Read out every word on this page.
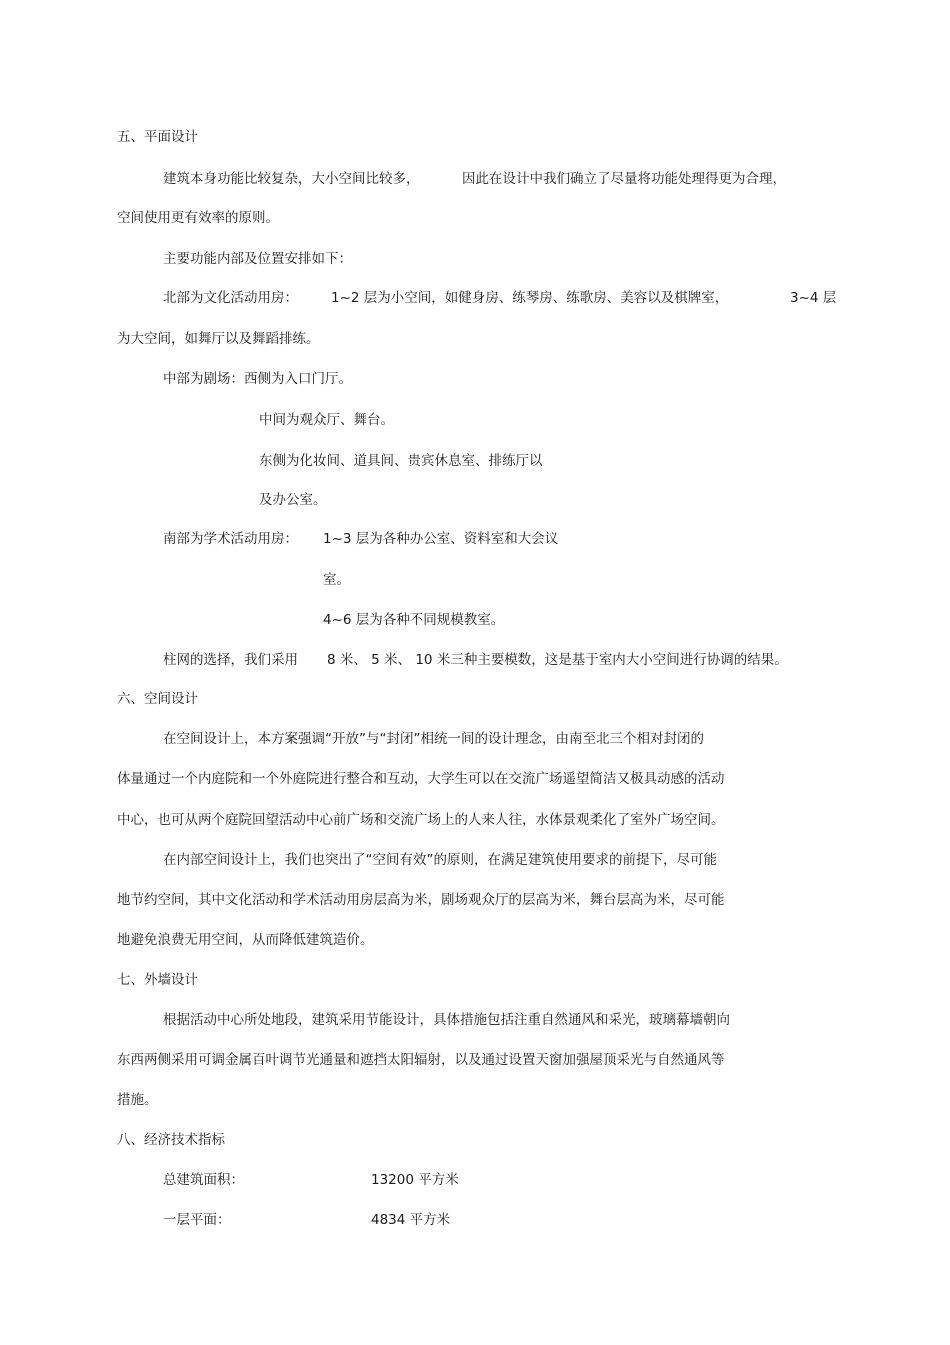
五、平面设计
建筑本身功能比较复杂，大小空间比较多，	因此在设计中我们确立了尽量将功能处理得更为合理，
空间使用更有效率的原则。
主要功能内部及位置安排如下：
北部为文化活动用房： 1~2 层为小空间，如健身房、练琴房、练歌房、美容以及棋牌室，	3~4 层
为大空间，如舞厅以及舞蹈排练。
中部为剧场：西侧为入口门厅。
中间为观众厅、舞台。
东侧为化妆间、道具间、贵宾休息室、排练厅以
及办公室。
南部为学术活动用房： 1~3 层为各种办公室、资料室和大会议
室。
4~6 层为各种不同规模教室。
柱网的选择，我们采用 8 米、 5 米、 10 米三种主要模数，这是基于室内大小空间进行协调的结果。
六、空间设计
在空间设计上，本方案强调“开放”与“封闭”相统一间的设计理念，由南至北三个相对封闭的
体量通过一个内庭院和一个外庭院进行整合和互动，大学生可以在交流广场遥望简洁又极具动感的活动
中心，也可从两个庭院回望活动中心前广场和交流广场上的人来人往，水体景观柔化了室外广场空间。
在内部空间设计上，我们也突出了“空间有效”的原则，在满足建筑使用要求的前提下，尽可能
地节约空间，其中文化活动和学术活动用房层高为米，剧场观众厅的层高为米，舞台层高为米，尽可能
地避免浪费无用空间，从而降低建筑造价。
七、外墙设计
根据活动中心所处地段，建筑采用节能设计，具体措施包括注重自然通风和采光，玻璃幕墙朝向
东西两侧采用可调金属百叶调节光通量和遮挡太阳辐射，以及通过设置天窗加强屋顶采光与自然通风等
措施。
八、经济技术指标
总建筑面积：	13200 平方米
一层平面：	4834 平方米
